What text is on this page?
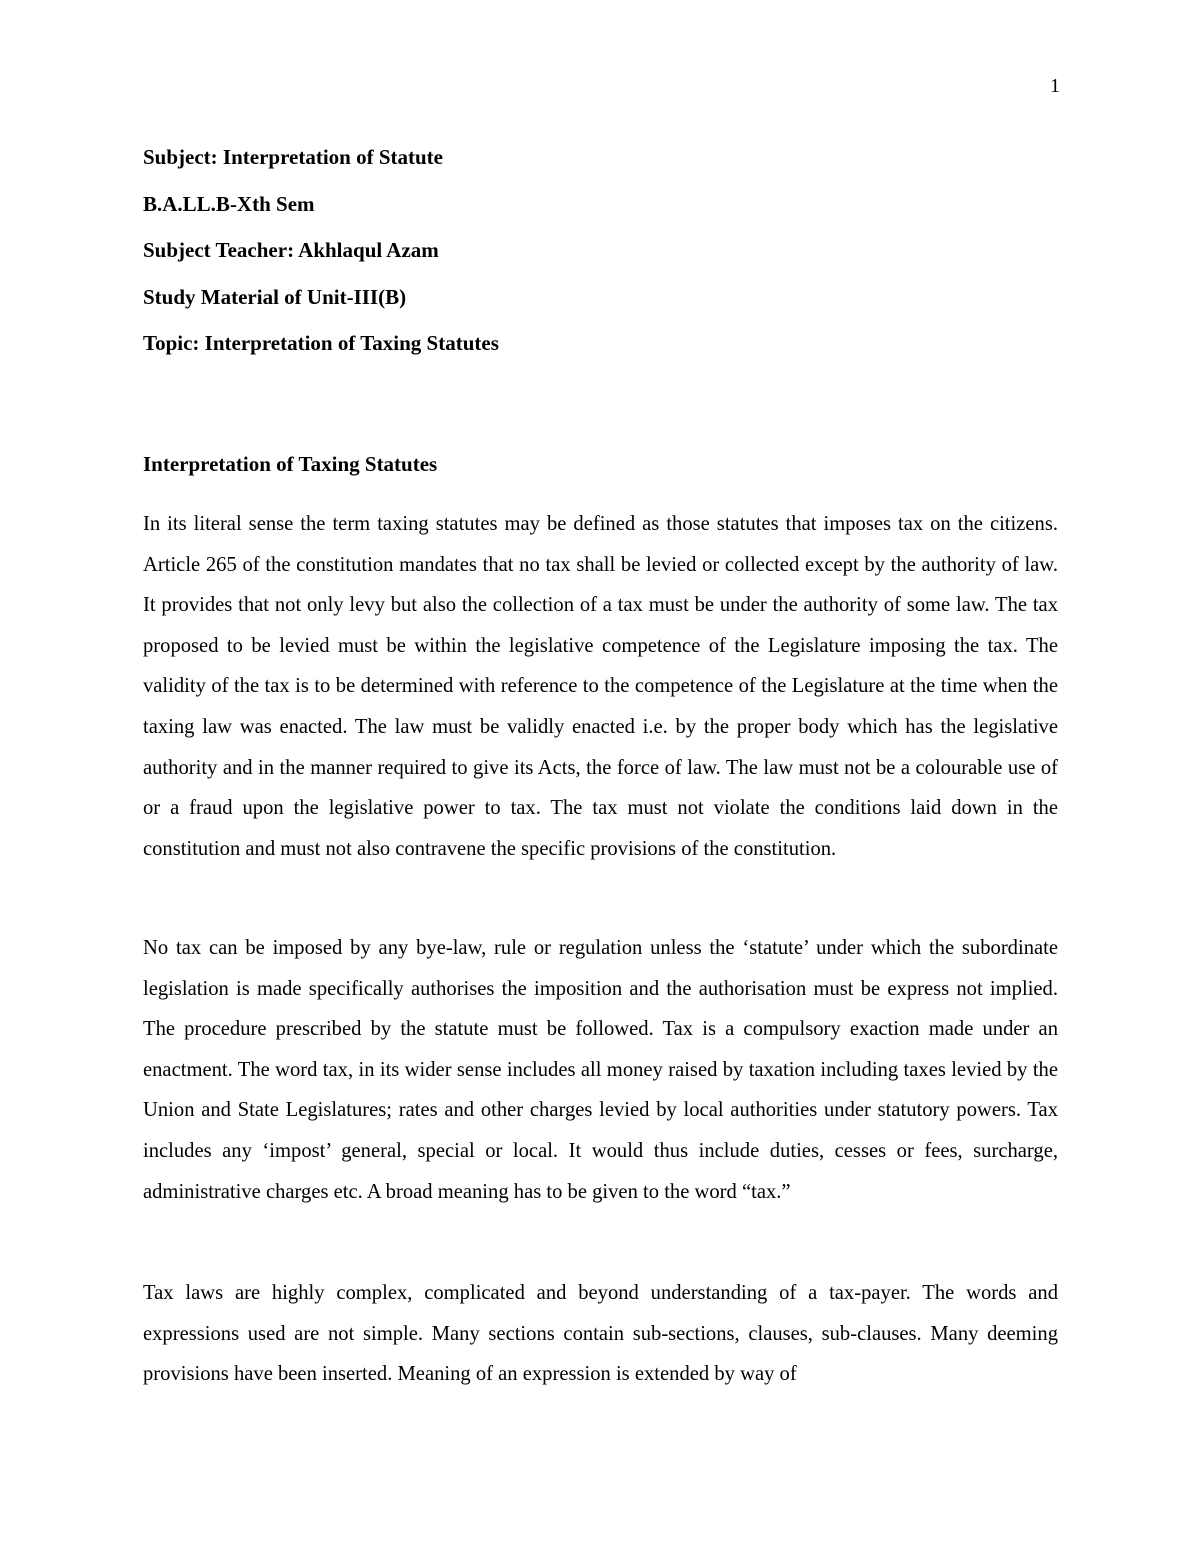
1

Subject: Interpretation of Statute

B.A.LL.B-Xth Sem

Subject Teacher: Akhlaqul Azam

Study Material of Unit-III(B)

Topic: Interpretation of Taxing Statutes

Interpretation of Taxing Statutes

In its literal sense the term taxing statutes may be defined as those statutes that imposes tax on the citizens. Article 265 of the constitution mandates that no tax shall be levied or collected except by the authority of law. It provides that not only levy but also the collection of a tax must be under the authority of some law. The tax proposed to be levied must be within the legislative competence of the Legislature imposing the tax. The validity of the tax is to be determined with reference to the competence of the Legislature at the time when the taxing law was enacted. The law must be validly enacted i.e. by the proper body which has the legislative authority and in the manner required to give its Acts, the force of law. The law must not be a colourable use of or a fraud upon the legislative power to tax. The tax must not violate the conditions laid down in the constitution and must not also contravene the specific provisions of the constitution.

No tax can be imposed by any bye-law, rule or regulation unless the ‘statute’ under which the subordinate legislation is made specifically authorises the imposition and the authorisation must be express not implied. The procedure prescribed by the statute must be followed. Tax is a compulsory exaction made under an enactment. The word tax, in its wider sense includes all money raised by taxation including taxes levied by the Union and State Legislatures; rates and other charges levied by local authorities under statutory powers. Tax includes any ‘impost’ general, special or local. It would thus include duties, cesses or fees, surcharge, administrative charges etc. A broad meaning has to be given to the word “tax.”

Tax laws are highly complex, complicated and beyond understanding of a tax-payer. The words and expressions used are not simple. Many sections contain sub-sections, clauses, sub-clauses. Many deeming provisions have been inserted. Meaning of an expression is extended by way of
